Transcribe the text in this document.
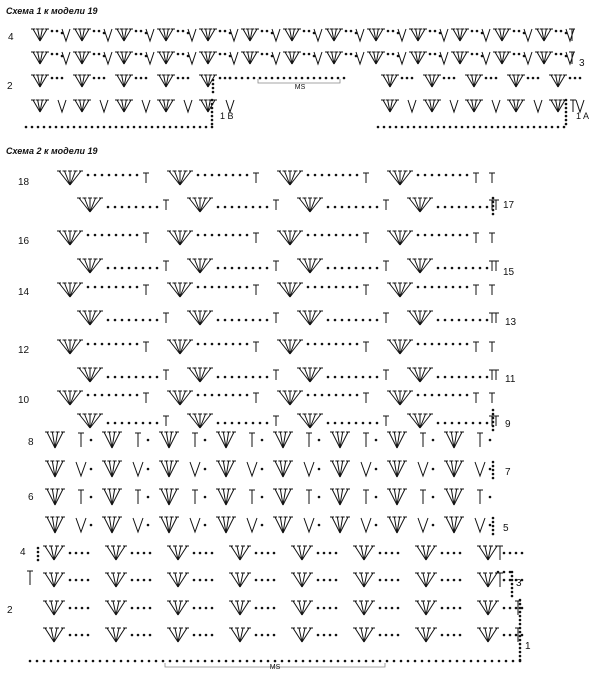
Схема 1 к модели 19
4
3
2
1 B	1 A
MS
Схема 2 к модели 19
18
16
14
12
10
8
6
4
2
17
15
13
11
9
7
5
3
1
MS
